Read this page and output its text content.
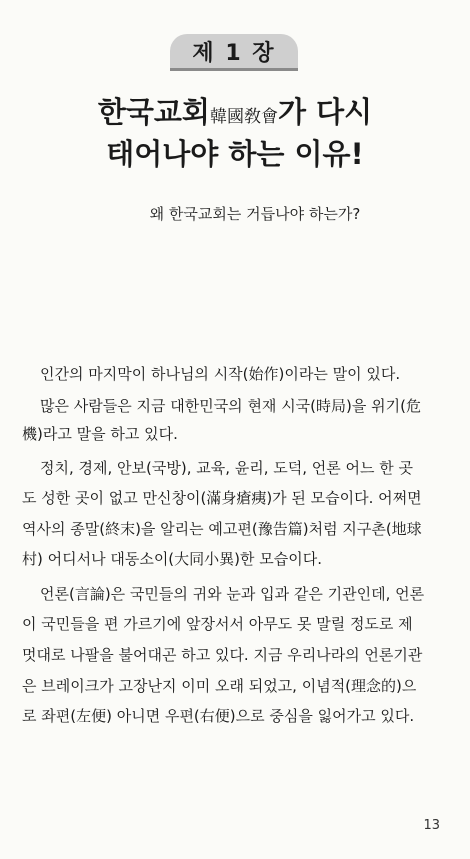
제 1 장
한국교회韓國敎會가 다시
태어나야 하는 이유!
왜 한국교회는 거듭나야 하는가?
인간의 마지막이 하나님의 시작(始作)이라는 말이 있다.
많은 사람들은 지금 대한민국의 현재 시국(時局)을 위기(危
機)라고 말을 하고 있다.
정치, 경제, 안보(국방), 교육, 윤리, 도덕, 언론 어느 한 곳
도 성한 곳이 없고 만신창이(滿身瘡痍)가 된 모습이다. 어쩌면
역사의 종말(終末)을 알리는 예고편(豫告篇)처럼 지구촌(地球
村) 어디서나 대동소이(大同小異)한 모습이다.
언론(言論)은 국민들의 귀와 눈과 입과 같은 기관인데, 언론
이 국민들을 편 가르기에 앞장서서 아무도 못 말릴 정도로 제
멋대로 나팔을 불어대곤 하고 있다. 지금 우리나라의 언론기관
은 브레이크가 고장난지 이미 오래 되었고, 이념적(理念的)으
로 좌편(左便) 아니면 우편(右便)으로 중심을 잃어가고 있다.
13
